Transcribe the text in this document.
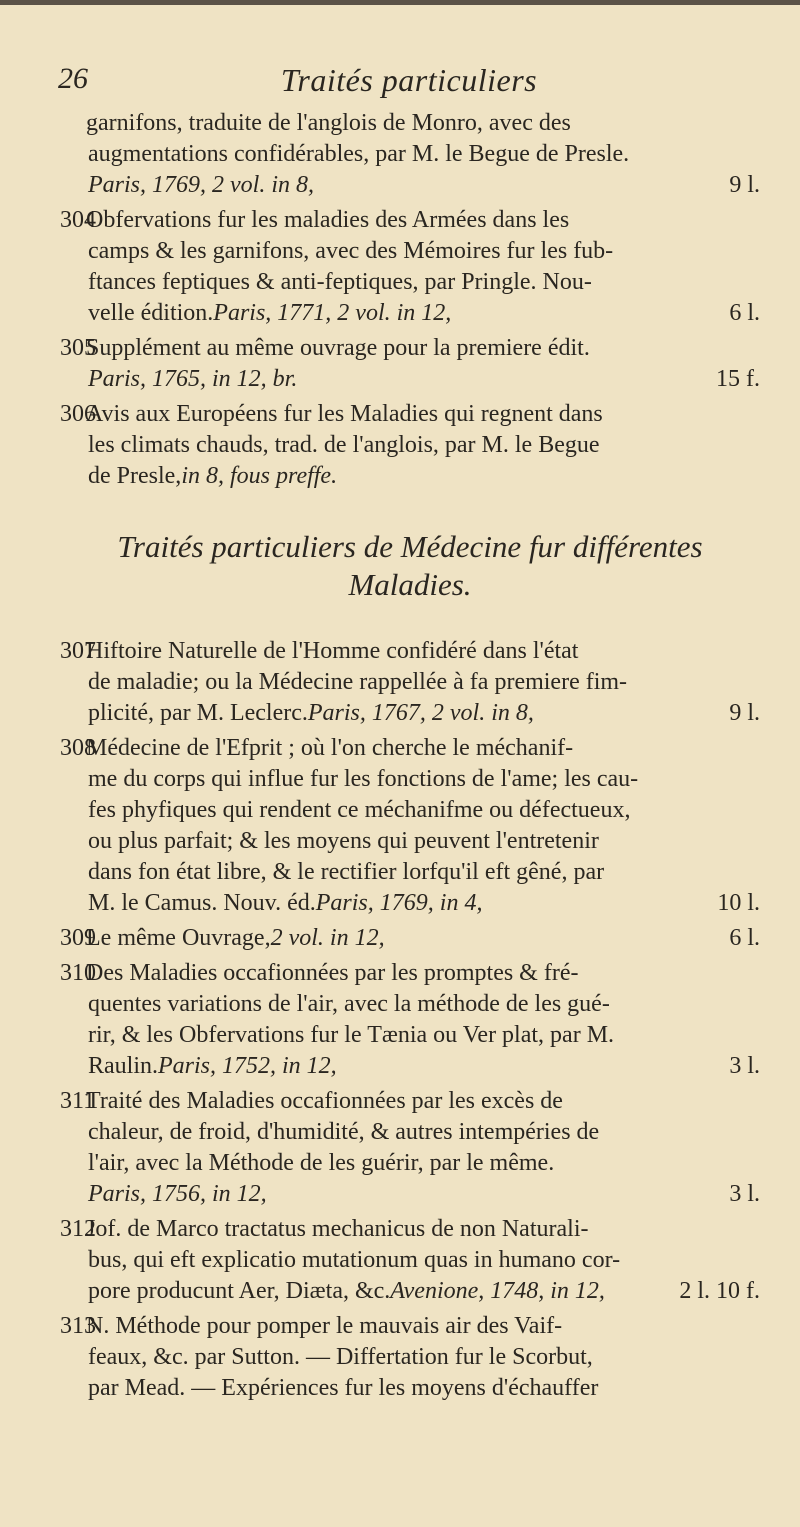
26	Traités particuliers
garnifons, traduite de l'anglois de Monro, avec des
augmentations confidérables, par M. le Begue de Presle.
Paris, 1769, 2 vol. in 8,	9 l.
304
Obfervations fur les maladies des Armées dans les
camps & les garnifons, avec des Mémoires fur les fub-
ftances feptiques & anti-feptiques, par Pringle. Nou-
velle édition. Paris, 1771, 2 vol. in 12,	6 l.
305
Supplément au même ouvrage pour la premiere édit.
Paris, 1765, in 12, br.	15 f.
306
Avis aux Européens fur les Maladies qui regnent dans
les climats chauds, trad. de l'anglois, par M. le Begue
de Presle, in 8, fous preffe.
Traités particuliers de Médecine fur différentes
Maladies.
307
Hiftoire Naturelle de l'Homme confidéré dans l'état
de maladie; ou la Médecine rappellée à fa premiere fim-
plicité, par M. Leclerc. Paris, 1767, 2 vol. in 8,	9 l.
308
Médecine de l'Efprit ; où l'on cherche le méchanif-
me du corps qui influe fur les fonctions de l'ame; les cau-
fes phyfiques qui rendent ce méchanifme ou défectueux,
ou plus parfait; & les moyens qui peuvent l'entretenir
dans fon état libre, & le rectifier lorfqu'il eft gêné, par
M. le Camus. Nouv. éd. Paris, 1769, in 4,	10 l.
309
Le même Ouvrage, 2 vol. in 12,	6 l.
310
Des Maladies occafionnées par les promptes & fré-
quentes variations de l'air, avec la méthode de les gué-
rir, & les Obfervations fur le Tænia ou Ver plat, par M.
Raulin. Paris, 1752, in 12,	3 l.
311
Traité des Maladies occafionnées par les excès de
chaleur, de froid, d'humidité, & autres intempéries de
l'air, avec la Méthode de les guérir, par le même.
Paris, 1756, in 12,	3 l.
312
Jof. de Marco tractatus mechanicus de non Naturali-
bus, qui eft explicatio mutationum quas in humano cor-
pore producunt Aer, Diæta, &c. Avenione, 1748, in 12,	2 l. 10 f.
313
N. Méthode pour pomper le mauvais air des Vaif-
feaux, &c. par Sutton. — Differtation fur le Scorbut,
par Mead. — Expériences fur les moyens d'échauffer
